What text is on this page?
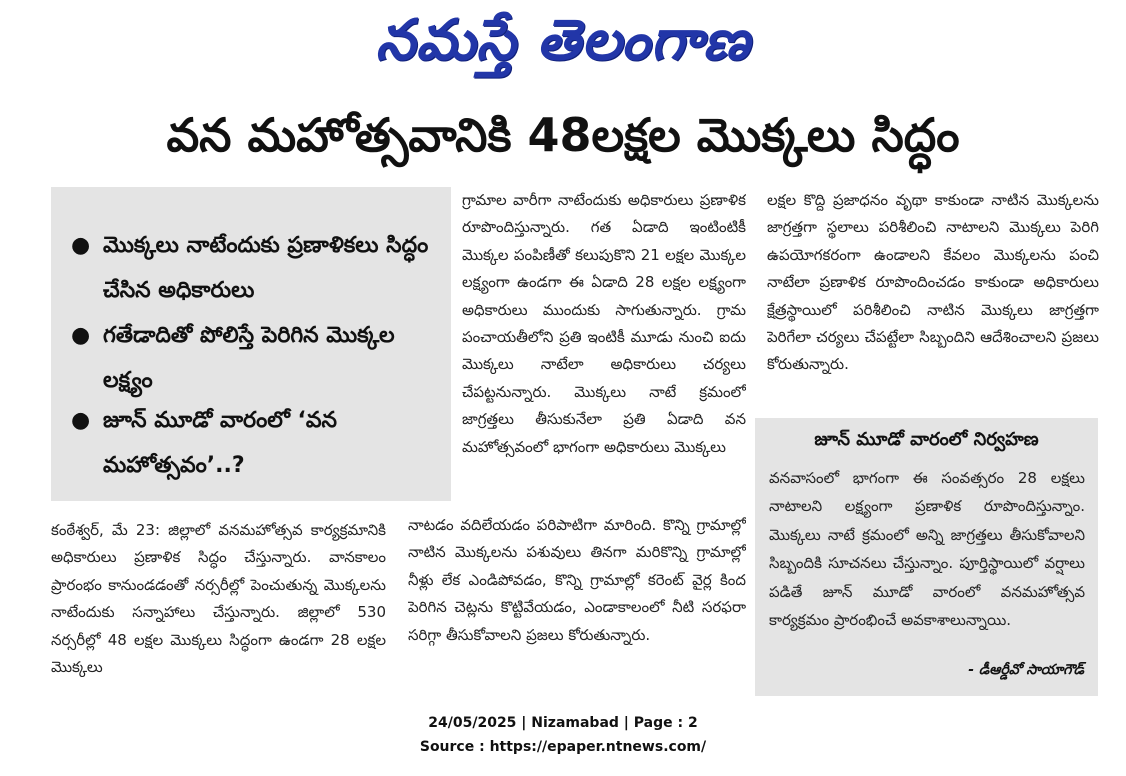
నమస్తే తెలంగాణ
వన మహోత్సవానికి 48లక్షల మొక్కలు సిద్ధం
● మొక్కలు నాటేందుకు ప్రణాళికలు సిద్ధం చేసిన అధికారులు
● గతేడాదితో పోలిస్తే పెరిగిన మొక్కల లక్ష్యం
● జూన్ మూడో వారంలో ‘వన మహోత్సవం’..?

గ్రామాల వారీగా నాటేందుకు అధికారులు ప్రణాళిక రూపొందిస్తున్నారు. గత ఏడాది ఇంటింటికీ మొక్కల పంపిణీతో కలుపుకొని 21 లక్షల మొక్కల లక్ష్యంగా ఉండగా ఈ ఏడాది 28 లక్షల లక్ష్యంగా అధికారులు ముందుకు సాగుతున్నారు. గ్రామ పంచాయతీలోని ప్రతి ఇంటికీ మూడు నుంచి ఐదు మొక్కలు నాటేలా అధికారులు చర్యలు చేపట్టనున్నారు. మొక్కలు నాటే క్రమంలో జాగ్రత్తలు తీసుకునేలా ప్రతి ఏడాది వన మహోత్సవంలో భాగంగా అధికారులు మొక్కలు

లక్షల కొద్ది ప్రజాధనం వృథా కాకుండా నాటిన మొక్కలను జాగ్రత్తగా స్థలాలు పరిశీలించి నాటాలని మొక్కలు పెరిగి ఉపయోగకరంగా ఉండాలని కేవలం మొక్కలను పంచి నాటేలా ప్రణాళిక రూపొందించడం కాకుండా అధికారులు క్షేత్రస్థాయిలో పరిశీలించి నాటిన మొక్కలు జాగ్రత్తగా పెరిగేలా చర్యలు చేపట్టేలా సిబ్బందిని ఆదేశించాలని ప్రజలు కోరుతున్నారు.

కంఠేశ్వర్, మే 23: జిల్లాలో వనమహోత్సవ కార్యక్రమానికి అధికారులు ప్రణాళిక సిద్ధం చేస్తున్నారు. వానకాలం ప్రారంభం కానుండడంతో నర్సరీల్లో పెంచుతున్న మొక్కలను నాటేందుకు సన్నాహాలు చేస్తున్నారు. జిల్లాలో 530 నర్సరీల్లో 48 లక్షల మొక్కలు సిద్ధంగా ఉండగా 28 లక్షల మొక్కలు

నాటడం వదిలేయడం పరిపాటిగా మారింది. కొన్ని గ్రామాల్లో నాటిన మొక్కలను పశువులు తినగా మరికొన్ని గ్రామాల్లో నీళ్లు లేక ఎండిపోవడం, కొన్ని గ్రామాల్లో కరెంట్ వైర్ల కింద పెరిగిన చెట్లను కొట్టివేయడం, ఎండాకాలంలో నీటి సరఫరా సరిగ్గా తీసుకోవాలని ప్రజలు కోరుతున్నారు.

జూన్ మూడో వారంలో నిర్వహణ
వనవాసంలో భాగంగా ఈ సంవత్సరం 28 లక్షలు నాటాలని లక్ష్యంగా ప్రణాళిక రూపొందిస్తున్నాం. మొక్కలు నాటే క్రమంలో అన్ని జాగ్రత్తలు తీసుకోవాలని సిబ్బందికి సూచనలు చేస్తున్నాం. పూర్తిస్థాయిలో వర్షాలు పడితే జూన్ మూడో వారంలో వనమహోత్సవ కార్యక్రమం ప్రారంభించే అవకాశాలున్నాయి.
- డీఆర్డీవో సాయాగౌడ్
24/05/2025 | Nizamabad | Page : 2
Source : https://epaper.ntnews.com/
